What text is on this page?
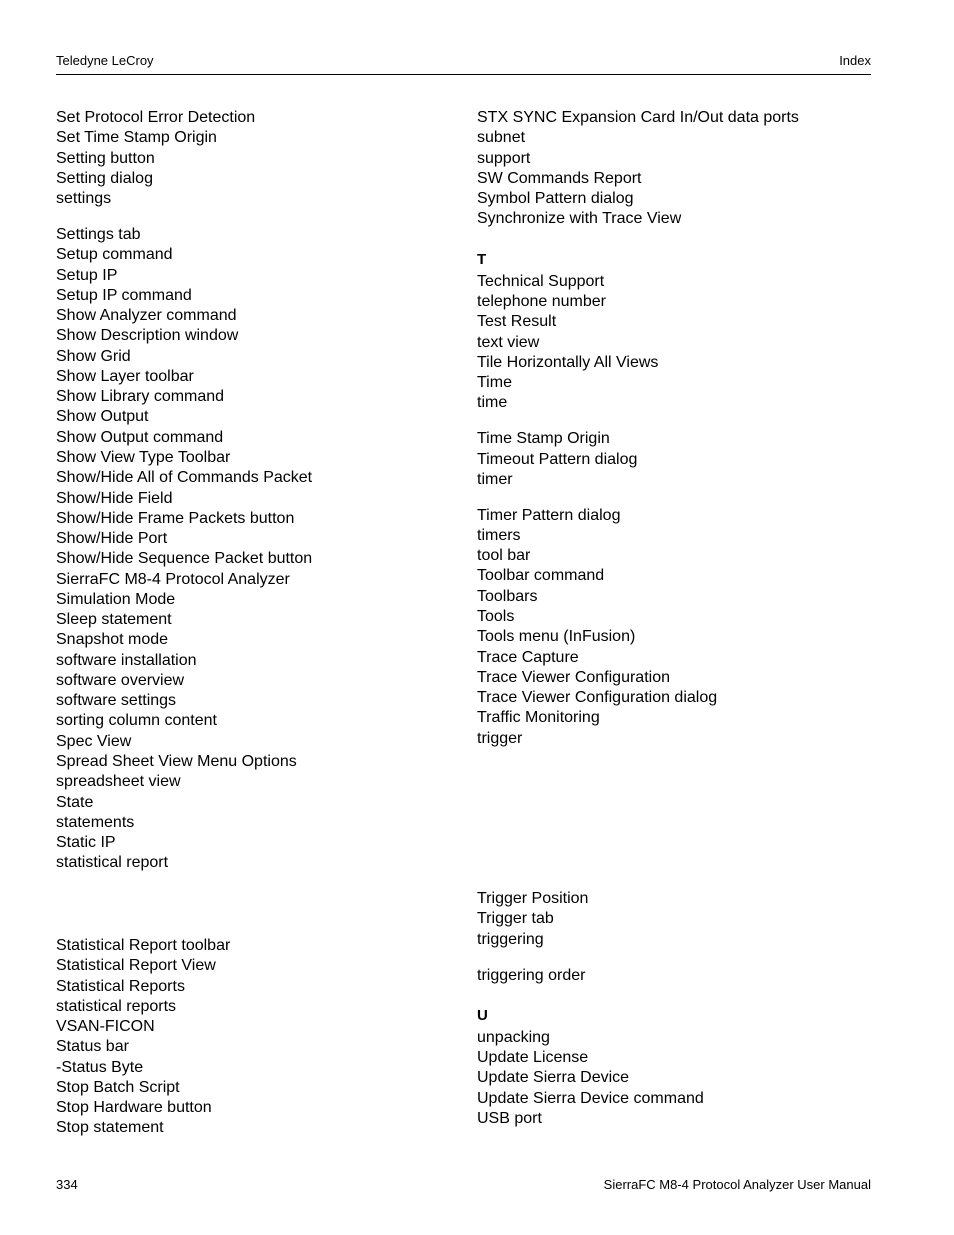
Teledyne LeCroy	Index
Set Protocol Error Detection
Set Time Stamp Origin
Setting button
Setting dialog
settings
Settings tab
Setup command
Setup IP
Setup IP command
Show Analyzer command
Show Description window
Show Grid
Show Layer toolbar
Show Library command
Show Output
Show Output command
Show View Type Toolbar
Show/Hide All of Commands Packet
Show/Hide Field
Show/Hide Frame Packets button
Show/Hide Port
Show/Hide Sequence Packet button
SierraFC M8-4 Protocol Analyzer
Simulation Mode
Sleep statement
Snapshot mode
software installation
software overview
software settings
sorting column content
Spec View
Spread Sheet View Menu Options
spreadsheet view
State
statements
Static IP
statistical report
Statistical Report toolbar
Statistical Report View
Statistical Reports
statistical reports
VSAN-FICON
Status bar
-Status Byte
Stop Batch Script
Stop Hardware button
Stop statement
STX SYNC Expansion Card In/Out data ports
subnet
support
SW Commands Report
Symbol Pattern dialog
Synchronize with Trace View
T
Technical Support
telephone number
Test Result
text view
Tile Horizontally All Views
Time
time
Time Stamp Origin
Timeout Pattern dialog
timer
Timer Pattern dialog
timers
tool bar
Toolbar command
Toolbars
Tools
Tools menu (InFusion)
Trace Capture
Trace Viewer Configuration
Trace Viewer Configuration dialog
Traffic Monitoring
trigger
Trigger Position
Trigger tab
triggering
triggering order
U
unpacking
Update License
Update Sierra Device
Update Sierra Device command
USB port
334	SierraFC M8-4 Protocol Analyzer User Manual
